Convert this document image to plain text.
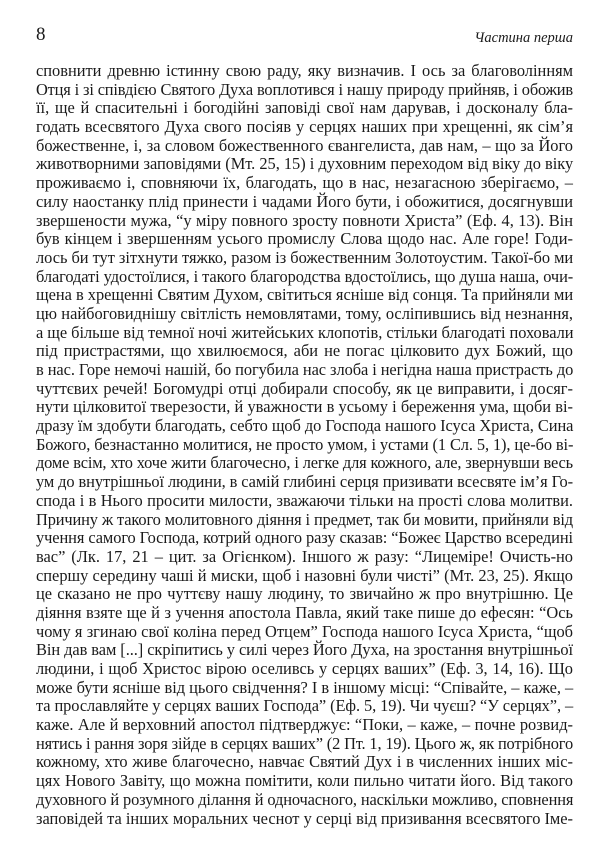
8	Частина перша
сповнити древню істинну свою раду, яку визначив. І ось за благоволінням
Отця і зі співдією Святого Духа воплотився і нашу природу прийняв, і обожив
її, ще й спасительні і богодійні заповіді свої нам дарував, і досконалу бла-
годать всесвятого Духа свого посіяв у серцях наших при хрещенні, як сім’я
божественне, і, за словом божественного євангелиста, дав нам, – що за Його
животворними заповідями (Мт. 25, 15) і духовним переходом від віку до віку
проживаємо і, сповняючи їх, благодать, що в нас, незагасною зберігаємо, –
силу наостанку плід принести і чадами Його бути, і обожитися, досягнувши
звершености мужа, “у міру повного зросту повноти Христа” (Еф. 4, 13). Він
був кінцем і звершенням усього промислу Слова щодо нас. Але горе! Годи-
лось би тут зітхнути тяжко, разом із божественним Золотоустим. Такої-бо ми
благодаті удостоїлися, і такого благородства вдостоїлись, що душа наша, очи-
щена в хрещенні Святим Духом, світиться ясніше від сонця. Та прийняли ми
цю найбоговиднішу світлість немовлятами, тому, осліпившись від незнання,
а ще більше від темної ночі житейських клопотів, стільки благодаті поховали
під пристрастями, що хвилюємося, аби не погас цілковито дух Божий, що
в нас. Горе немочі нашій, бо погубила нас злоба і негідна наша пристрасть до
чуттєвих речей! Богомудрі отці добирали способу, як це виправити, і досяг-
нути цілковитої тверезости, й уважности в усьому і береження ума, щоби ві-
дразу їм здобути благодать, себто щоб до Господа нашого Ісуса Христа, Сина
Божого, безнастанно молитися, не просто умом, і устами (1 Сл. 5, 1), це-бо ві-
доме всім, хто хоче жити благочесно, і легке для кожного, але, звернувши весь
ум до внутрішньої людини, в самій глибині серця призивати всесвяте ім’я Го-
спода і в Нього просити милости, зважаючи тільки на прості слова молитви.
Причину ж такого молитовного діяння і предмет, так би мовити, прийняли від
учення самого Господа, котрий одного разу сказав: “Божеє Царство всередині
вас” (Лк. 17, 21 – цит. за Огієнком). Іншого ж разу: “Лицеміре! Очисть-но
спершу середину чаші й миски, щоб і назовні були чисті” (Мт. 23, 25). Якщо
це сказано не про чуттєву нашу людину, то звичайно ж про внутрішню. Це
діяння взяте ще й з учення апостола Павла, який таке пише до ефесян: “Ось
чому я згинаю свої коліна перед Отцем” Господа нашого Ісуса Христа, “щоб
Він дав вам [...] скріпитись у силі через Його Духа, на зростання внутрішньої
людини, і щоб Христос вірою оселивсь у серцях ваших” (Еф. 3, 14, 16). Що
може бути ясніше від цього свідчення? І в іншому місці: “Співайте, – каже, –
та прославляйте у серцях ваших Господа” (Еф. 5, 19). Чи чуєш? “У серцях”, –
каже. Але й верховний апостол підтверджує: “Поки, – каже, – почне розвид-
нятись і рання зоря зійде в серцях ваших” (2 Пт. 1, 19). Цього ж, як потрібного
кожному, хто живе благочесно, навчає Святий Дух і в численних інших міс-
цях Нового Завіту, що можна помітити, коли пильно читати його. Від такого
духовного й розумного ділання й одночасного, наскільки можливо, сповнення
заповідей та інших моральних чеснот у серці від призивання всесвятого Іме-
